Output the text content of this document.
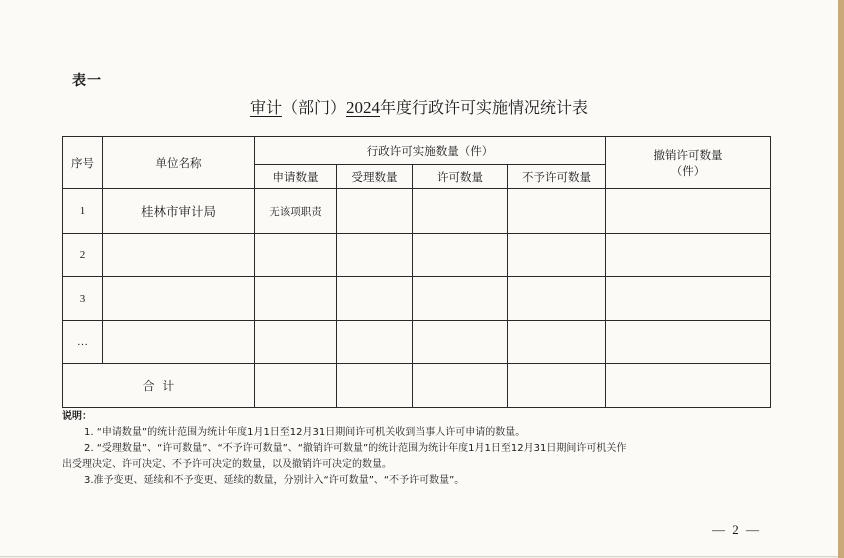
表一
审计（部门）2024年度行政许可实施情况统计表
序号	单位名称	行政许可实施数量（件）				撤销许可数量
（件）

		申请数量	受理数量	许可数量	不予许可数量	
1	桂林市审计局	无该项职责				
2						
3						
…						
合  计						
说明：
1. “申请数量”的统计范围为统计年度1月1日至12月31日期间许可机关收到当事人许可申请的数量。
2. “受理数量”、“许可数量”、“不予许可数量”、“撤销许可数量”的统计范围为统计年度1月1日至12月31日期间许可机关作
出受理决定、许可决定、不予许可决定的数量，以及撤销许可决定的数量。
3.准予变更、延续和不予变更、延续的数量，分别计入“许可数量”、“不予许可数量”。
— 2 —
